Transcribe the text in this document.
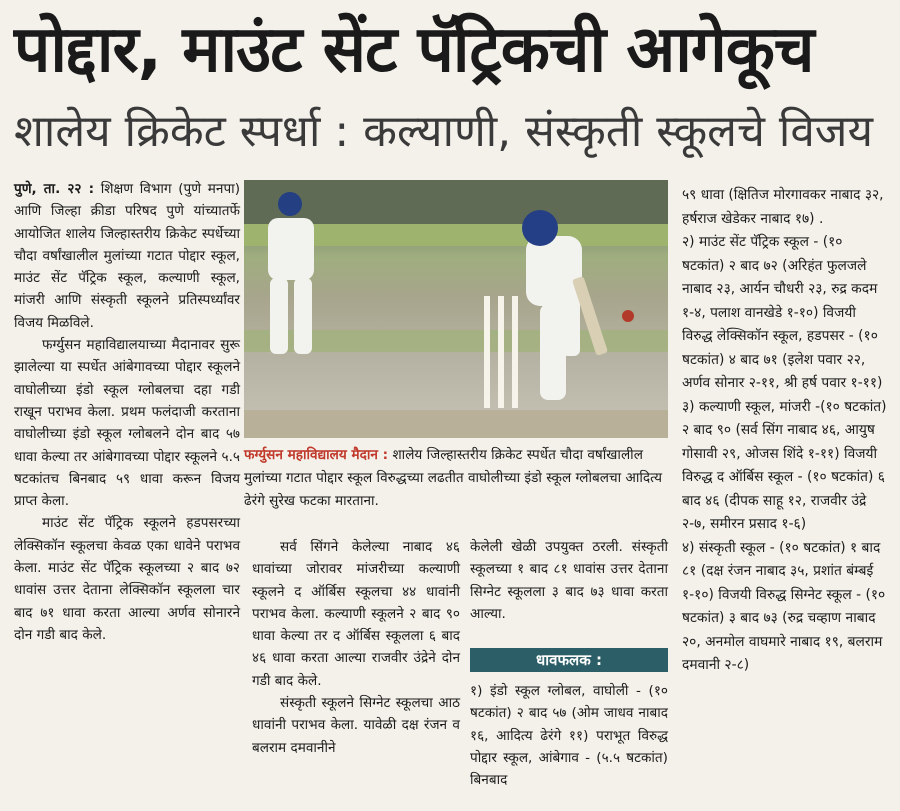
पोद्दार, माउंट सेंट पॅट्रिकची आगेकूच
शालेय क्रिकेट स्पर्धा : कल्याणी, संस्कृती स्कूलचे विजय

पुणे, ता. २२ : शिक्षण विभाग (पुणे मनपा) आणि जिल्हा क्रीडा परिषद पुणे यांच्यातर्फे आयोजित शालेय जिल्हास्तरीय क्रिकेट स्पर्धेच्या चौदा वर्षांखालील मुलांच्या गटात पोद्दार स्कूल, माउंट सेंट पॅट्रिक स्कूल, कल्याणी स्कूल, मांजरी आणि संस्कृती स्कूलने प्रतिस्पर्ध्यांवर विजय मिळविले.

फर्ग्युसन महाविद्यालयाच्या मैदानावर सुरू झालेल्या या स्पर्धेत आंबेगावच्या पोद्दार स्कूलने वाघोलीच्या इंडो स्कूल ग्लोबलचा दहा गडी राखून पराभव केला. प्रथम फलंदाजी करताना वाघोलीच्या इंडो स्कूल ग्लोबलने दोन बाद ५७ धावा केल्या तर आंबेगावच्या पोद्दार स्कूलने ५.५ षटकांतच बिनबाद ५९ धावा करून विजय प्राप्त केला.

माउंट सेंट पॅट्रिक स्कूलने हडपसरच्या लेक्सिकॉन स्कूलचा केवळ एका धावेने पराभव केला. माउंट सेंट पॅट्रिक स्कूलच्या २ बाद ७२ धावांस उत्तर देताना लेक्सिकॉन स्कूलला चार बाद ७१ धावा करता आल्या अर्णव सोनारने दोन गडी बाद केले.

फर्ग्युसन महाविद्यालय मैदान : शालेय जिल्हास्तरीय क्रिकेट स्पर्धेत चौदा वर्षांखालील मुलांच्या गटात पोद्दार स्कूल विरुद्धच्या लढतीत वाघोलीच्या इंडो स्कूल ग्लोबलचा आदित्य ढेरंगे सुरेख फटका मारताना.

सर्व सिंगने केलेल्या नाबाद ४६ धावांच्या जोरावर मांजरीच्या कल्याणी स्कूलने द ऑर्बिस स्कूलचा ४४ धावांनी पराभव केला. कल्याणी स्कूलने २ बाद ९० धावा केल्या तर द ऑर्बिस स्कूलला ६ बाद ४६ धावा करता आल्या राजवीर उंद्रेने दोन गडी बाद केले.

संस्कृती स्कूलने सिग्नेट स्कूलचा आठ धावांनी पराभव केला. यावेळी दक्ष रंजन व बलराम दमवानीने

केलेली खेळी उपयुक्त ठरली. संस्कृती स्कूलच्या १ बाद ८१ धावांस उत्तर देताना सिग्नेट स्कूलला ३ बाद ७३ धावा करता आल्या.

धावफलक :

१) इंडो स्कूल ग्लोबल, वाघोली - (१० षटकांत) २ बाद ५७ (ओम जाधव नाबाद १६, आदित्य ढेरंगे ११) पराभूत विरुद्ध पोद्दार स्कूल, आंबेगाव - (५.५ षटकांत) बिनबाद

५९ धावा (क्षितिज मोरगावकर नाबाद ३२, हर्षराज खेडेकर नाबाद १७) .

२) माउंट सेंट पॅट्रिक स्कूल - (१० षटकांत) २ बाद ७२ (अरिहंत फुलजले नाबाद २३, आर्यन चौधरी २३, रुद्र कदम १-४, पलाश वानखेडे १-१०) विजयी विरुद्ध लेक्सिकॉन स्कूल, हडपसर - (१० षटकांत) ४ बाद ७१ (इलेश पवार २२, अर्णव सोनार २-११, श्री हर्ष पवार १-११)

३) कल्याणी स्कूल, मांजरी -(१० षटकांत) २ बाद ९० (सर्व सिंग नाबाद ४६, आयुष गोसावी २९, ओजस शिंदे १-११) विजयी विरुद्ध द ऑर्बिस स्कूल - (१० षटकांत) ६ बाद ४६ (दीपक साहू १२, राजवीर उंद्रे २-७, समीरन प्रसाद १-६)

४) संस्कृती स्कूल - (१० षटकांत) १ बाद ८१ (दक्ष रंजन नाबाद ३५, प्रशांत बंम्बई १-१०) विजयी विरुद्ध सिग्नेट स्कूल - (१० षटकांत) ३ बाद ७३ (रुद्र चव्हाण नाबाद २०, अनमोल वाघमारे नाबाद १९, बलराम दमवानी २-८)
